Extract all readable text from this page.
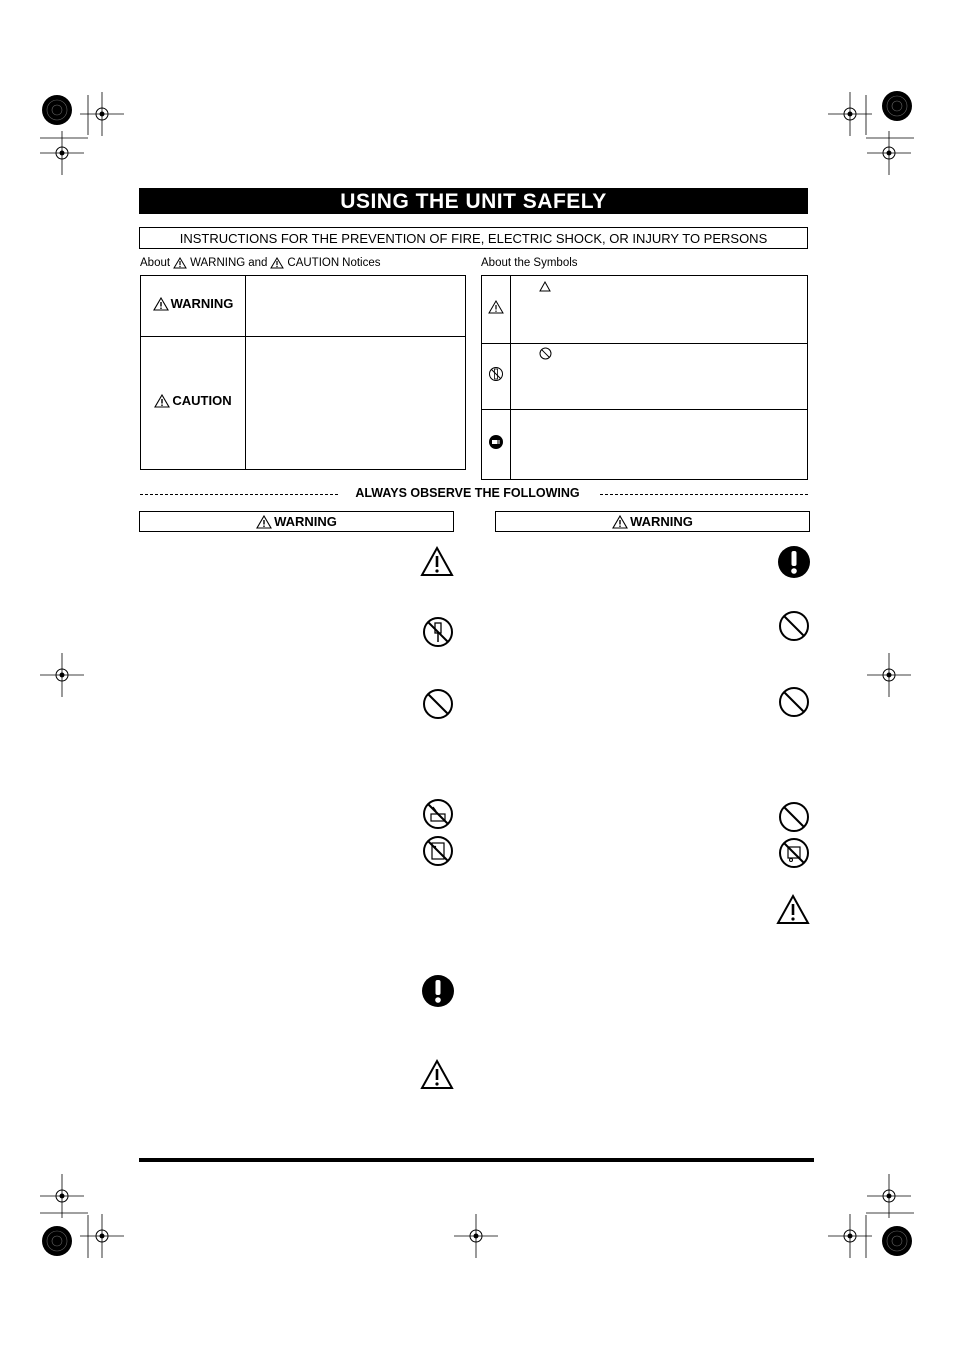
USING THE UNIT SAFELY
INSTRUCTIONS FOR THE PREVENTION OF FIRE, ELECTRIC SHOCK, OR INJURY TO PERSONS
About WARNING and CAUTION Notices	About the Symbols
WARNING	

CAUTION	

ALWAYS OBSERVE THE FOLLOWING
WARNING	WARNING
